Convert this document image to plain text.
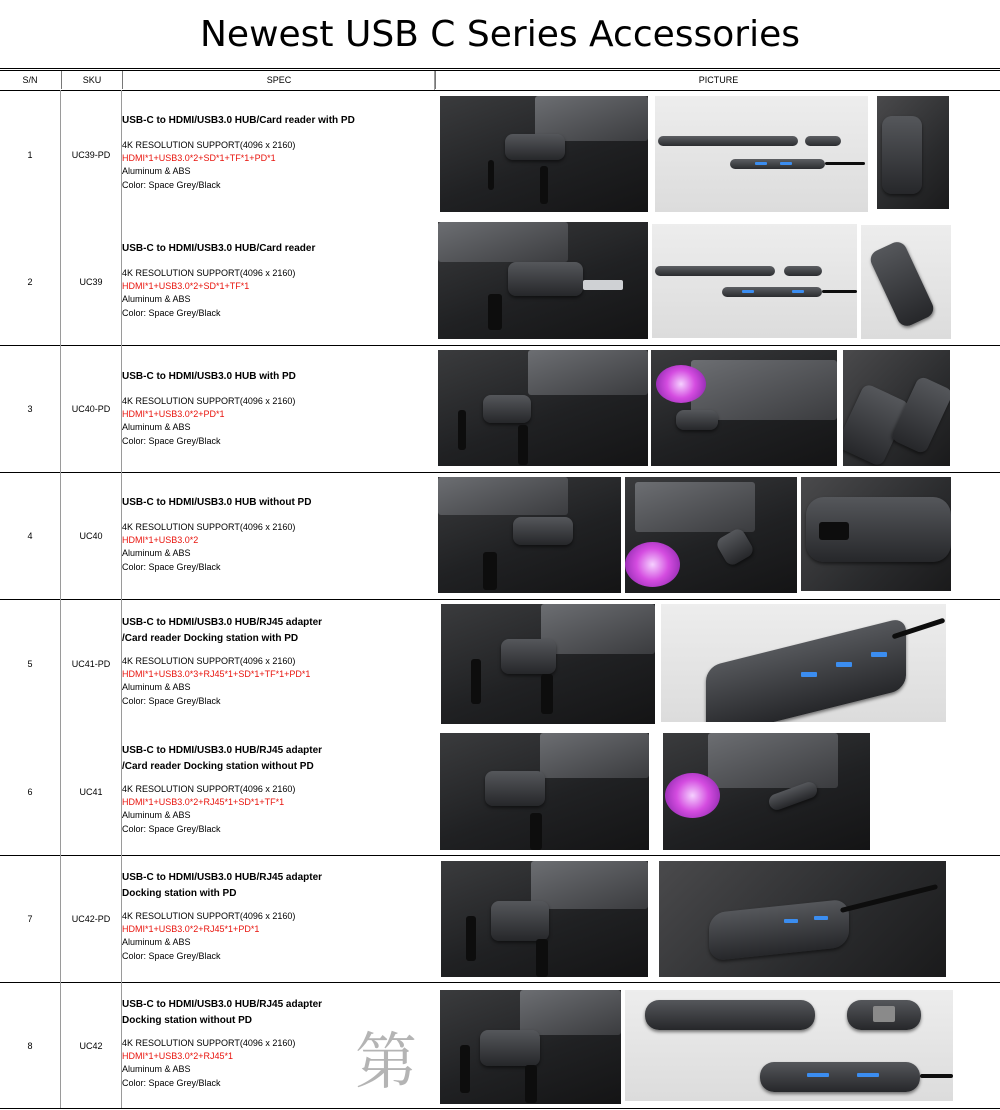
Newest USB C Series Accessories
S/N	SKU	SPEC	PICTURE
1	UC39-PD
USB-C to HDMI/USB3.0 HUB/Card reader with PD
4K RESOLUTION SUPPORT(4096 x 2160)
HDMI*1+USB3.0*2+SD*1+TF*1+PD*1
Aluminum & ABS
Color: Space Grey/Black
2	UC39
USB-C to HDMI/USB3.0 HUB/Card reader
4K RESOLUTION SUPPORT(4096 x 2160)
HDMI*1+USB3.0*2+SD*1+TF*1
Aluminum & ABS
Color: Space Grey/Black
3	UC40-PD
USB-C to HDMI/USB3.0 HUB with PD
4K RESOLUTION SUPPORT(4096 x 2160)
HDMI*1+USB3.0*2+PD*1
Aluminum & ABS
Color: Space Grey/Black
4	UC40
USB-C to HDMI/USB3.0 HUB without PD
4K RESOLUTION SUPPORT(4096 x 2160)
HDMI*1+USB3.0*2
Aluminum & ABS
Color: Space Grey/Black
5	UC41-PD
USB-C to HDMI/USB3.0 HUB/RJ45 adapter
/Card reader Docking station with PD
4K RESOLUTION SUPPORT(4096 x 2160)
HDMI*1+USB3.0*3+RJ45*1+SD*1+TF*1+PD*1
Aluminum & ABS
Color: Space Grey/Black
6	UC41
USB-C to HDMI/USB3.0 HUB/RJ45 adapter
/Card reader Docking station without PD
4K RESOLUTION SUPPORT(4096 x 2160)
HDMI*1+USB3.0*2+RJ45*1+SD*1+TF*1
Aluminum & ABS
Color: Space Grey/Black
7	UC42-PD
USB-C to HDMI/USB3.0 HUB/RJ45 adapter
Docking station with PD
4K RESOLUTION SUPPORT(4096 x 2160)
HDMI*1+USB3.0*2+RJ45*1+PD*1
Aluminum & ABS
Color: Space Grey/Black
8	UC42
USB-C to HDMI/USB3.0 HUB/RJ45 adapter
Docking station without PD
4K RESOLUTION SUPPORT(4096 x 2160)
HDMI*1+USB3.0*2+RJ45*1
Aluminum & ABS
Color: Space Grey/Black	第
